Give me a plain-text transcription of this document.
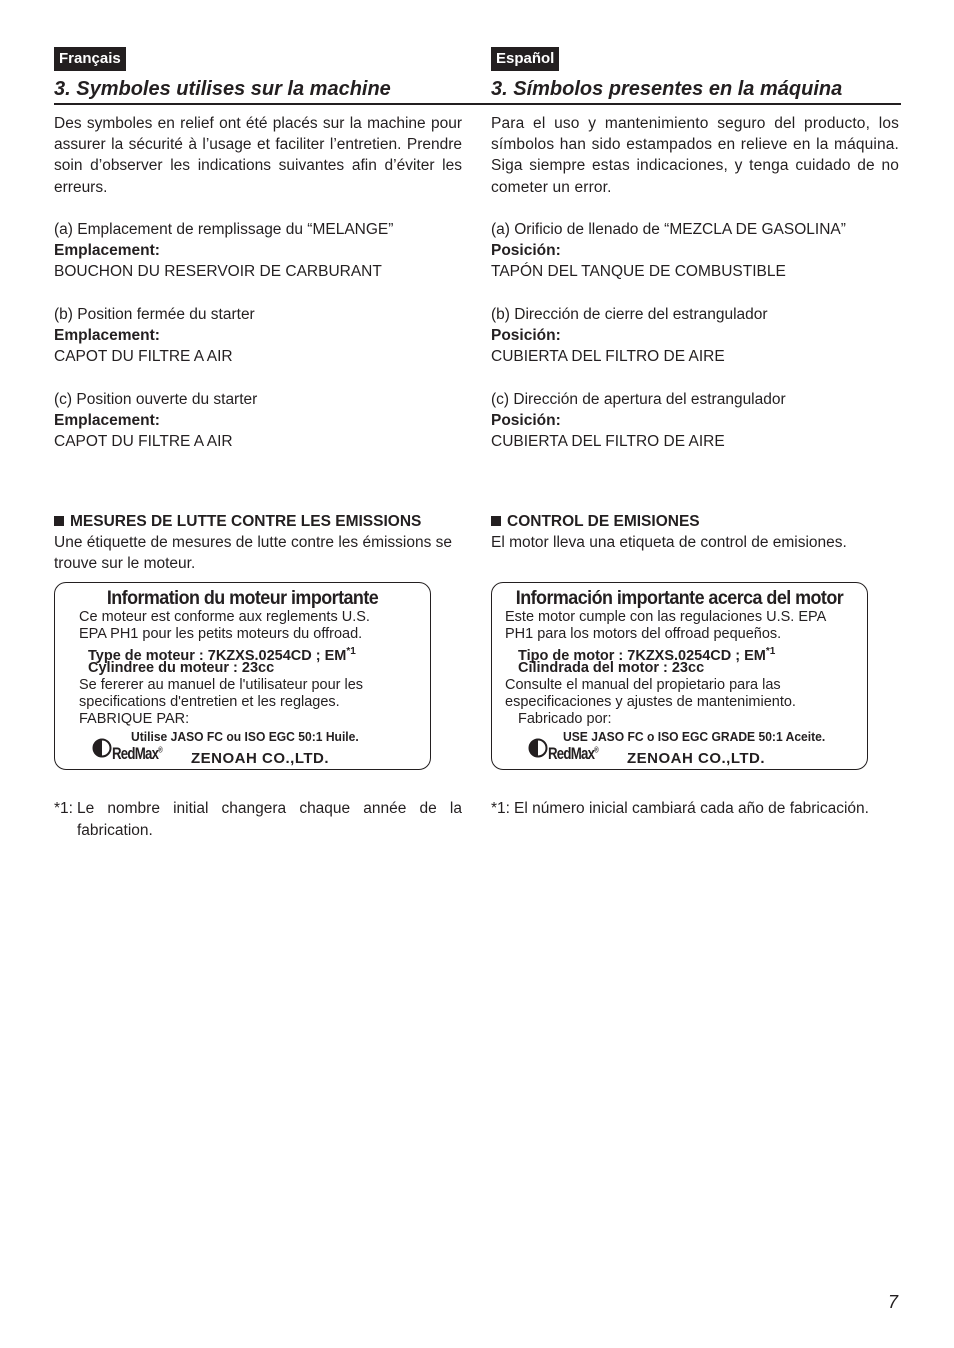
Français
3. Symboles utilises sur la machine
Des symboles en relief ont été placés sur la machine pour assurer la sécurité à l’usage et faciliter l’entretien. Prendre soin d’observer les indications suivantes afin d’éviter les erreurs.
(a) Emplacement de remplissage du “MELANGE”
Emplacement:
BOUCHON DU RESERVOIR DE CARBURANT
(b) Position fermée du starter
Emplacement:
CAPOT DU FILTRE A AIR
(c) Position ouverte du starter
Emplacement:
CAPOT DU FILTRE A AIR
MESURES DE LUTTE CONTRE LES EMISSIONS
Une étiquette de mesures de lutte contre les émissions se trouve sur le moteur.
Information du moteur importante
Ce moteur est conforme aux reglements U.S.
EPA PH1 pour les petits moteurs du offroad.
Type de moteur : 7KZXS.0254CD ; EM$^{*1}$
Cylindree du moteur : 23cc
Se fererer au manuel de l'utilisateur pour les
specifications d'entretien et les reglages.
FABRIQUE PAR:
Utilise JASO FC ou ISO EGC 50:1 Huile.
RedMax®
ZENOAH CO.,LTD.
*1: Le nombre initial changera chaque année de la fabrication.
Español
3. Símbolos presentes en la máquina
Para el uso y mantenimiento seguro del producto, los símbolos han sido estampados en relieve en la máquina. Siga siempre estas indicaciones, y tenga cuidado de no cometer un error.
(a) Orificio de llenado de “MEZCLA DE GASOLINA”
Posición:
TAPÓN DEL TANQUE DE COMBUSTIBLE
(b) Dirección de cierre del estrangulador
Posición:
CUBIERTA DEL FILTRO DE AIRE
(c) Dirección de apertura del estrangulador
Posición:
CUBIERTA DEL FILTRO DE AIRE
CONTROL DE EMISIONES
El motor lleva una etiqueta de control de emisiones.
Información importante acerca del motor
Este motor cumple con las regulaciones U.S. EPA
PH1 para los motors del offroad pequeños.
Tipo de motor : 7KZXS.0254CD ; EM$^{*1}$
Cilindrada del motor : 23cc
Consulte el manual del propietario para las
especificaciones y ajustes de mantenimiento.
Fabricado por:
USE JASO FC o ISO EGC GRADE 50:1 Aceite.
RedMax®
ZENOAH CO.,LTD.
*1: El número inicial cambiará cada año de fabricación.
7
